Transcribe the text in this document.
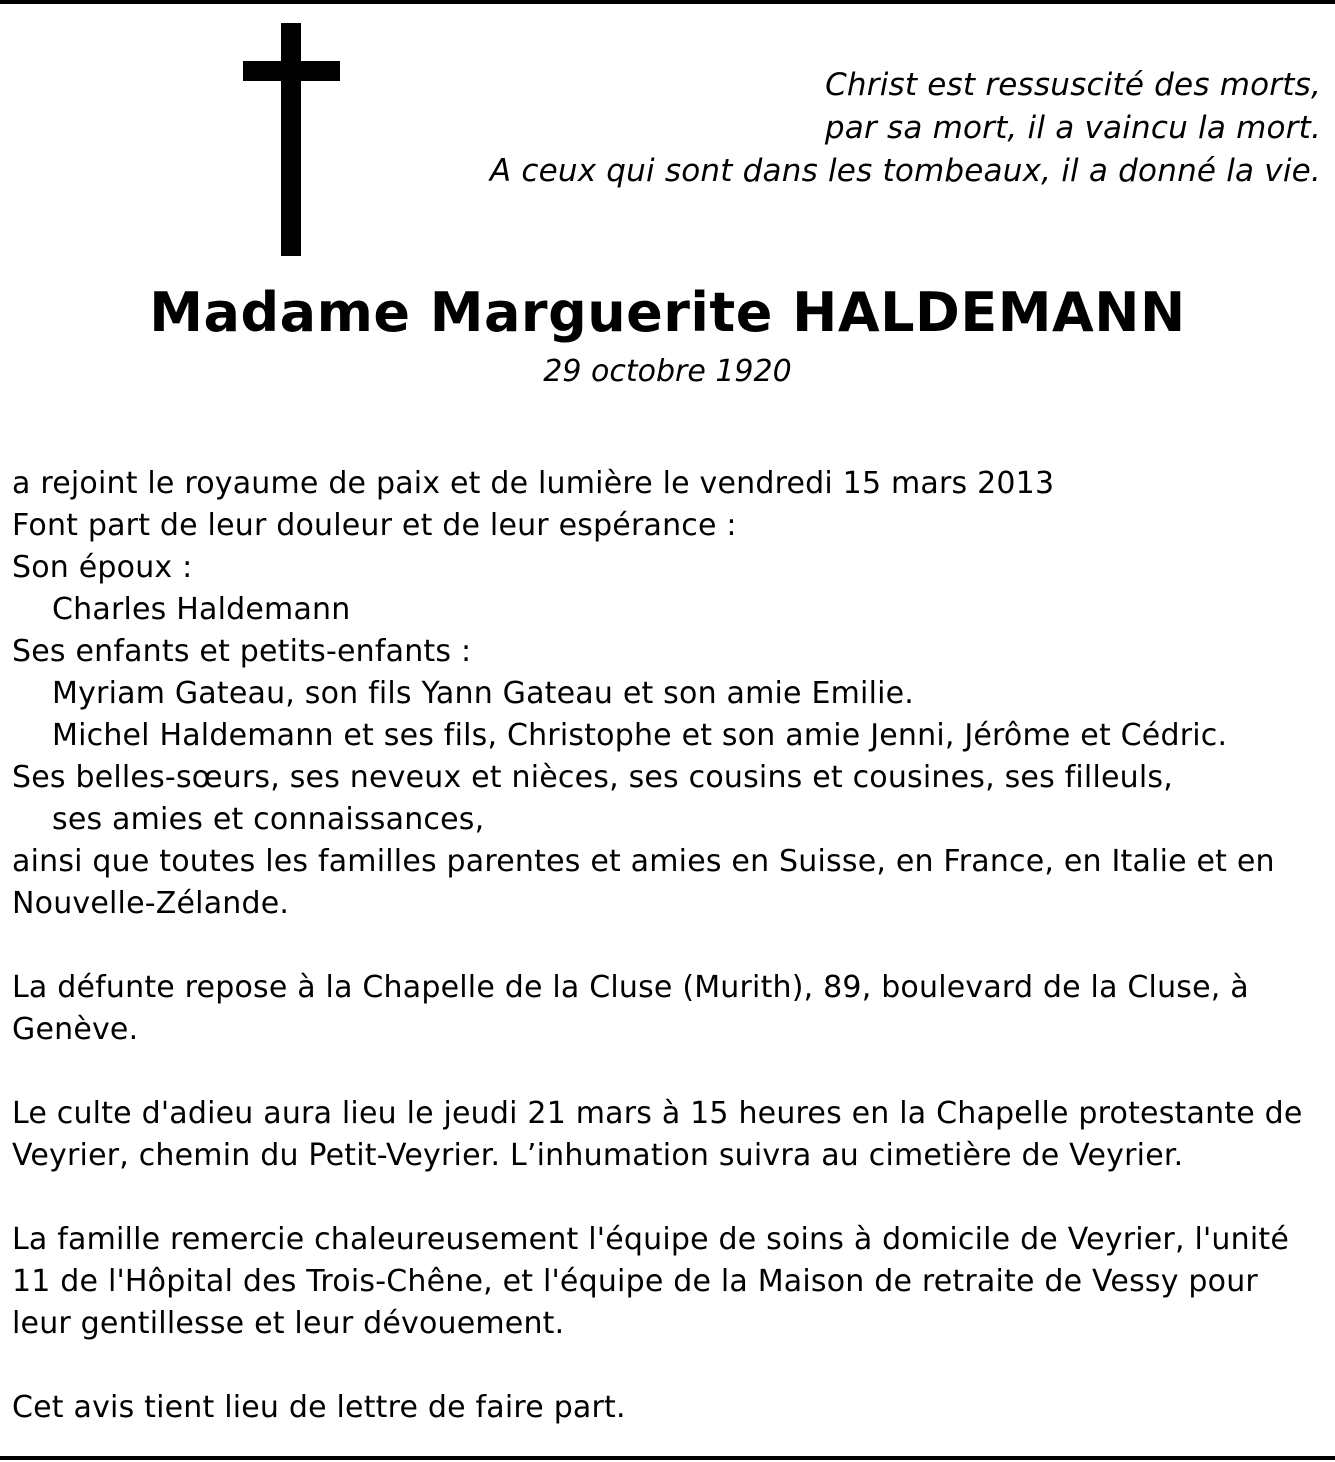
Christ est ressuscité des morts,
par sa mort, il a vaincu la mort.
A ceux qui sont dans les tombeaux, il a donné la vie.
Madame Marguerite HALDEMANN
29 octobre 1920
a rejoint le royaume de paix et de lumière le vendredi 15 mars 2013
Font part de leur douleur et de leur espérance :
Son époux :
Charles Haldemann
Ses enfants et petits-enfants :
Myriam Gateau, son fils Yann Gateau et son amie Emilie.
Michel Haldemann et ses fils, Christophe et son amie Jenni, Jérôme et Cédric.
Ses belles-sœurs, ses neveux et nièces, ses cousins et cousines, ses filleuls,
ses amies et connaissances,
ainsi que toutes les familles parentes et amies en Suisse, en France, en Italie et en
Nouvelle-Zélande.
La défunte repose à la Chapelle de la Cluse (Murith), 89, boulevard de la Cluse, à
Genève.
Le culte d'adieu aura lieu le jeudi 21 mars à 15 heures en la Chapelle protestante de
Veyrier, chemin du Petit-Veyrier. L’inhumation suivra au cimetière de Veyrier.
La famille remercie chaleureusement l'équipe de soins à domicile de Veyrier, l'unité
11 de l'Hôpital des Trois-Chêne, et l'équipe de la Maison de retraite de Vessy pour
leur gentillesse et leur dévouement.
Cet avis tient lieu de lettre de faire part.
